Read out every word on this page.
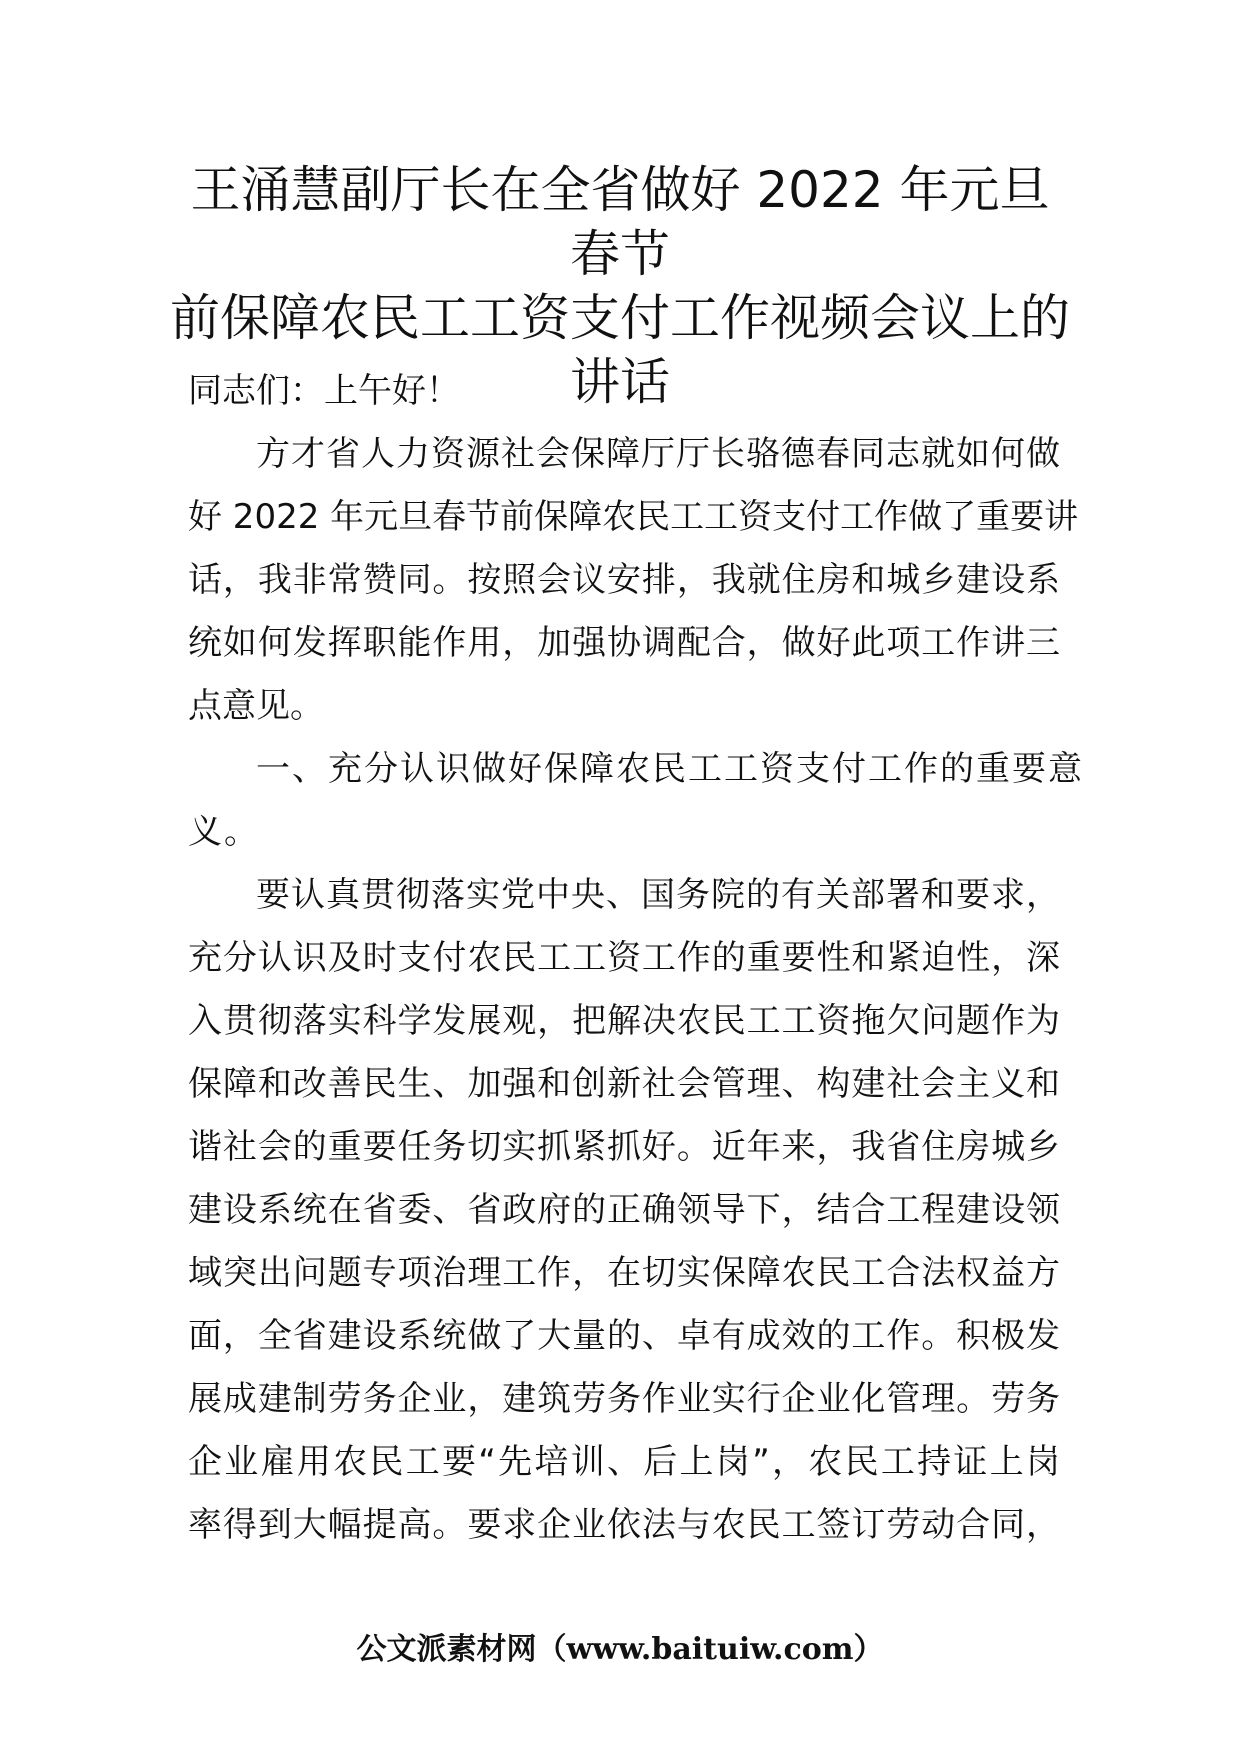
王涌慧副厅长在全省做好 2022 年元旦春节
前保障农民工工资支付工作视频会议上的
讲话

同志们：上午好！

方才省人力资源社会保障厅厅长骆德春同志就如何做
好 2022 年元旦春节前保障农民工工资支付工作做了重要讲
话，我非常赞同。按照会议安排，我就住房和城乡建设系
统如何发挥职能作用，加强协调配合，做好此项工作讲三
点意见。

一、充分认识做好保障农民工工资支付工作的重要意
义。

要认真贯彻落实党中央、国务院的有关部署和要求，
充分认识及时支付农民工工资工作的重要性和紧迫性，深
入贯彻落实科学发展观，把解决农民工工资拖欠问题作为
保障和改善民生、加强和创新社会管理、构建社会主义和
谐社会的重要任务切实抓紧抓好。近年来，我省住房城乡
建设系统在省委、省政府的正确领导下，结合工程建设领
域突出问题专项治理工作，在切实保障农民工合法权益方
面，全省建设系统做了大量的、卓有成效的工作。积极发
展成建制劳务企业，建筑劳务作业实行企业化管理。劳务
企业雇用农民工要“先培训、后上岗”，农民工持证上岗
率得到大幅提高。要求企业依法与农民工签订劳动合同，

公文派素材网（www.baituiw.com）
